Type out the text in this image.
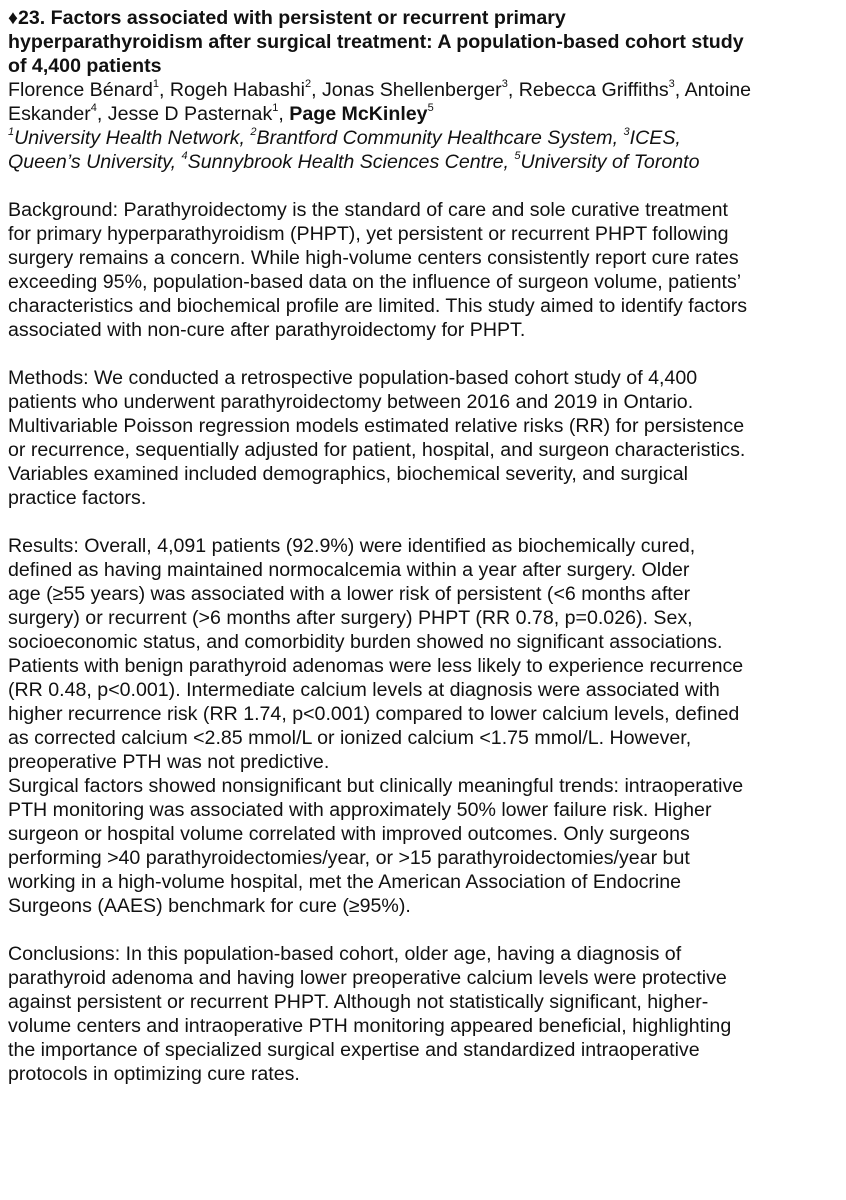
♦23. Factors associated with persistent or recurrent primary
hyperparathyroidism after surgical treatment: A population-based cohort study
of 4,400 patients
Florence Bénard$^1$, Rogeh Habashi$^2$, Jonas Shellenberger$^3$, Rebecca Griffiths$^3$, Antoine
Eskander$^4$, Jesse D Pasternak$^1$, Page McKinley$^5$
$^1$University Health Network, $^2$Brantford Community Healthcare System, $^3$ICES,
Queen’s University, $^4$Sunnybrook Health Sciences Centre, $^5$University of Toronto
Background: Parathyroidectomy is the standard of care and sole curative treatment
for primary hyperparathyroidism (PHPT), yet persistent or recurrent PHPT following
surgery remains a concern. While high-volume centers consistently report cure rates
exceeding 95%, population-based data on the influence of surgeon volume, patients’
characteristics and biochemical profile are limited. This study aimed to identify factors
associated with non-cure after parathyroidectomy for PHPT.
Methods: We conducted a retrospective population-based cohort study of 4,400
patients who underwent parathyroidectomy between 2016 and 2019 in Ontario.
Multivariable Poisson regression models estimated relative risks (RR) for persistence
or recurrence, sequentially adjusted for patient, hospital, and surgeon characteristics.
Variables examined included demographics, biochemical severity, and surgical
practice factors.
Results: Overall, 4,091 patients (92.9%) were identified as biochemically cured,
defined as having maintained normocalcemia within a year after surgery. Older
age (≥55 years) was associated with a lower risk of persistent (<6 months after
surgery) or recurrent (>6 months after surgery) PHPT (RR 0.78, p=0.026). Sex,
socioeconomic status, and comorbidity burden showed no significant associations.
Patients with benign parathyroid adenomas were less likely to experience recurrence
(RR 0.48, p<0.001). Intermediate calcium levels at diagnosis were associated with
higher recurrence risk (RR 1.74, p<0.001) compared to lower calcium levels, defined
as corrected calcium <2.85 mmol/L or ionized calcium <1.75 mmol/L. However,
preoperative PTH was not predictive.
Surgical factors showed nonsignificant but clinically meaningful trends: intraoperative
PTH monitoring was associated with approximately 50% lower failure risk. Higher
surgeon or hospital volume correlated with improved outcomes. Only surgeons
performing >40 parathyroidectomies/year, or >15 parathyroidectomies/year but
working in a high-volume hospital, met the American Association of Endocrine
Surgeons (AAES) benchmark for cure (≥95%).
Conclusions: In this population-based cohort, older age, having a diagnosis of
parathyroid adenoma and having lower preoperative calcium levels were protective
against persistent or recurrent PHPT. Although not statistically significant, higher-
volume centers and intraoperative PTH monitoring appeared beneficial, highlighting
the importance of specialized surgical expertise and standardized intraoperative
protocols in optimizing cure rates.
